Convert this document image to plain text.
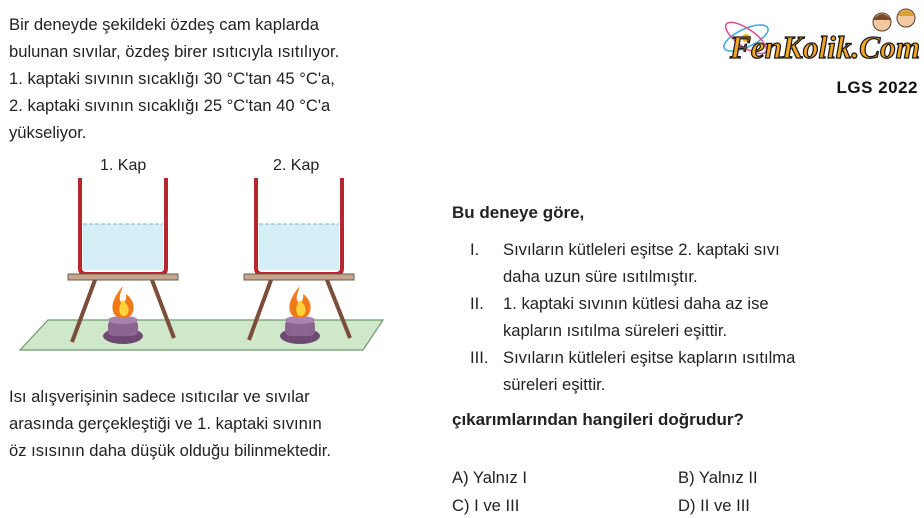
Bir deneyde şekildeki özdeş cam kaplarda
bulunan sıvılar, özdeş birer ısıtıcıyla ısıtılıyor.
1. kaptaki sıvının sıcaklığı 30 °C'tan 45 °C'a,
2. kaptaki sıvının sıcaklığı 25 °C'tan 40 °C'a
yükseliyor.
1. Kap	2. Kap
Isı alışverişinin sadece ısıtıcılar ve sıvılar
arasında gerçekleştiği ve 1. kaptaki sıvının
öz ısısının daha düşük olduğu bilinmektedir.
FenKolik.Com
LGS 2022
Bu deneye göre,
I.	Sıvıların kütleleri eşitse 2. kaptaki sıvı
daha uzun süre ısıtılmıştır.
II.	1. kaptaki sıvının kütlesi daha az ise
kapların ısıtılma süreleri eşittir.
III. Sıvıların kütleleri eşitse kapların ısıtılma
süreleri eşittir.
çıkarımlarından hangileri doğrudur?
A) Yalnız I	B) Yalnız II
C) I ve III	D) II ve III
